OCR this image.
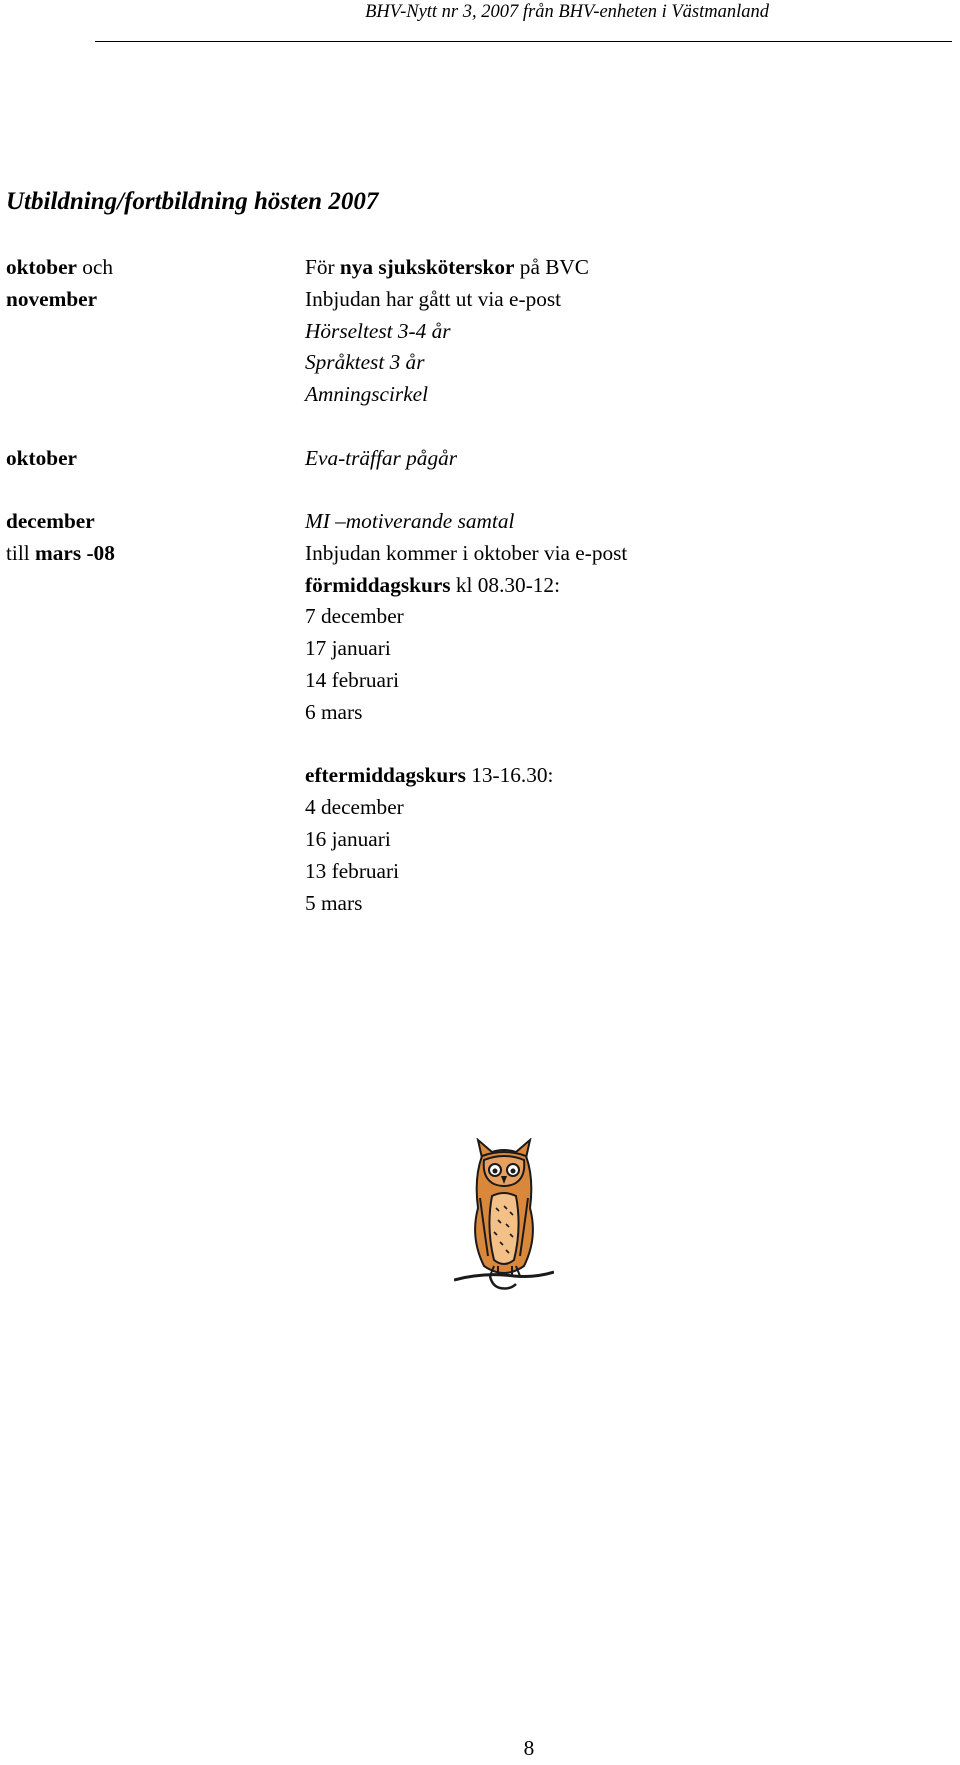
BHV-Nytt nr 3, 2007 från BHV-enheten i Västmanland
Utbildning/fortbildning hösten 2007
oktober och
november
För nya sjuksköterskor på BVC
Inbjudan har gått ut via e-post
Hörseltest 3-4 år
Språktest 3 år
Amningscirkel
oktober	Eva-träffar pågår
december
till mars -08
MI –motiverande samtal
Inbjudan kommer i oktober via e-post
förmiddagskurs kl 08.30-12:
7 december
17 januari
14 februari
6 mars
eftermiddagskurs 13-16.30:
4 december
16 januari
13 februari
5 mars
8
